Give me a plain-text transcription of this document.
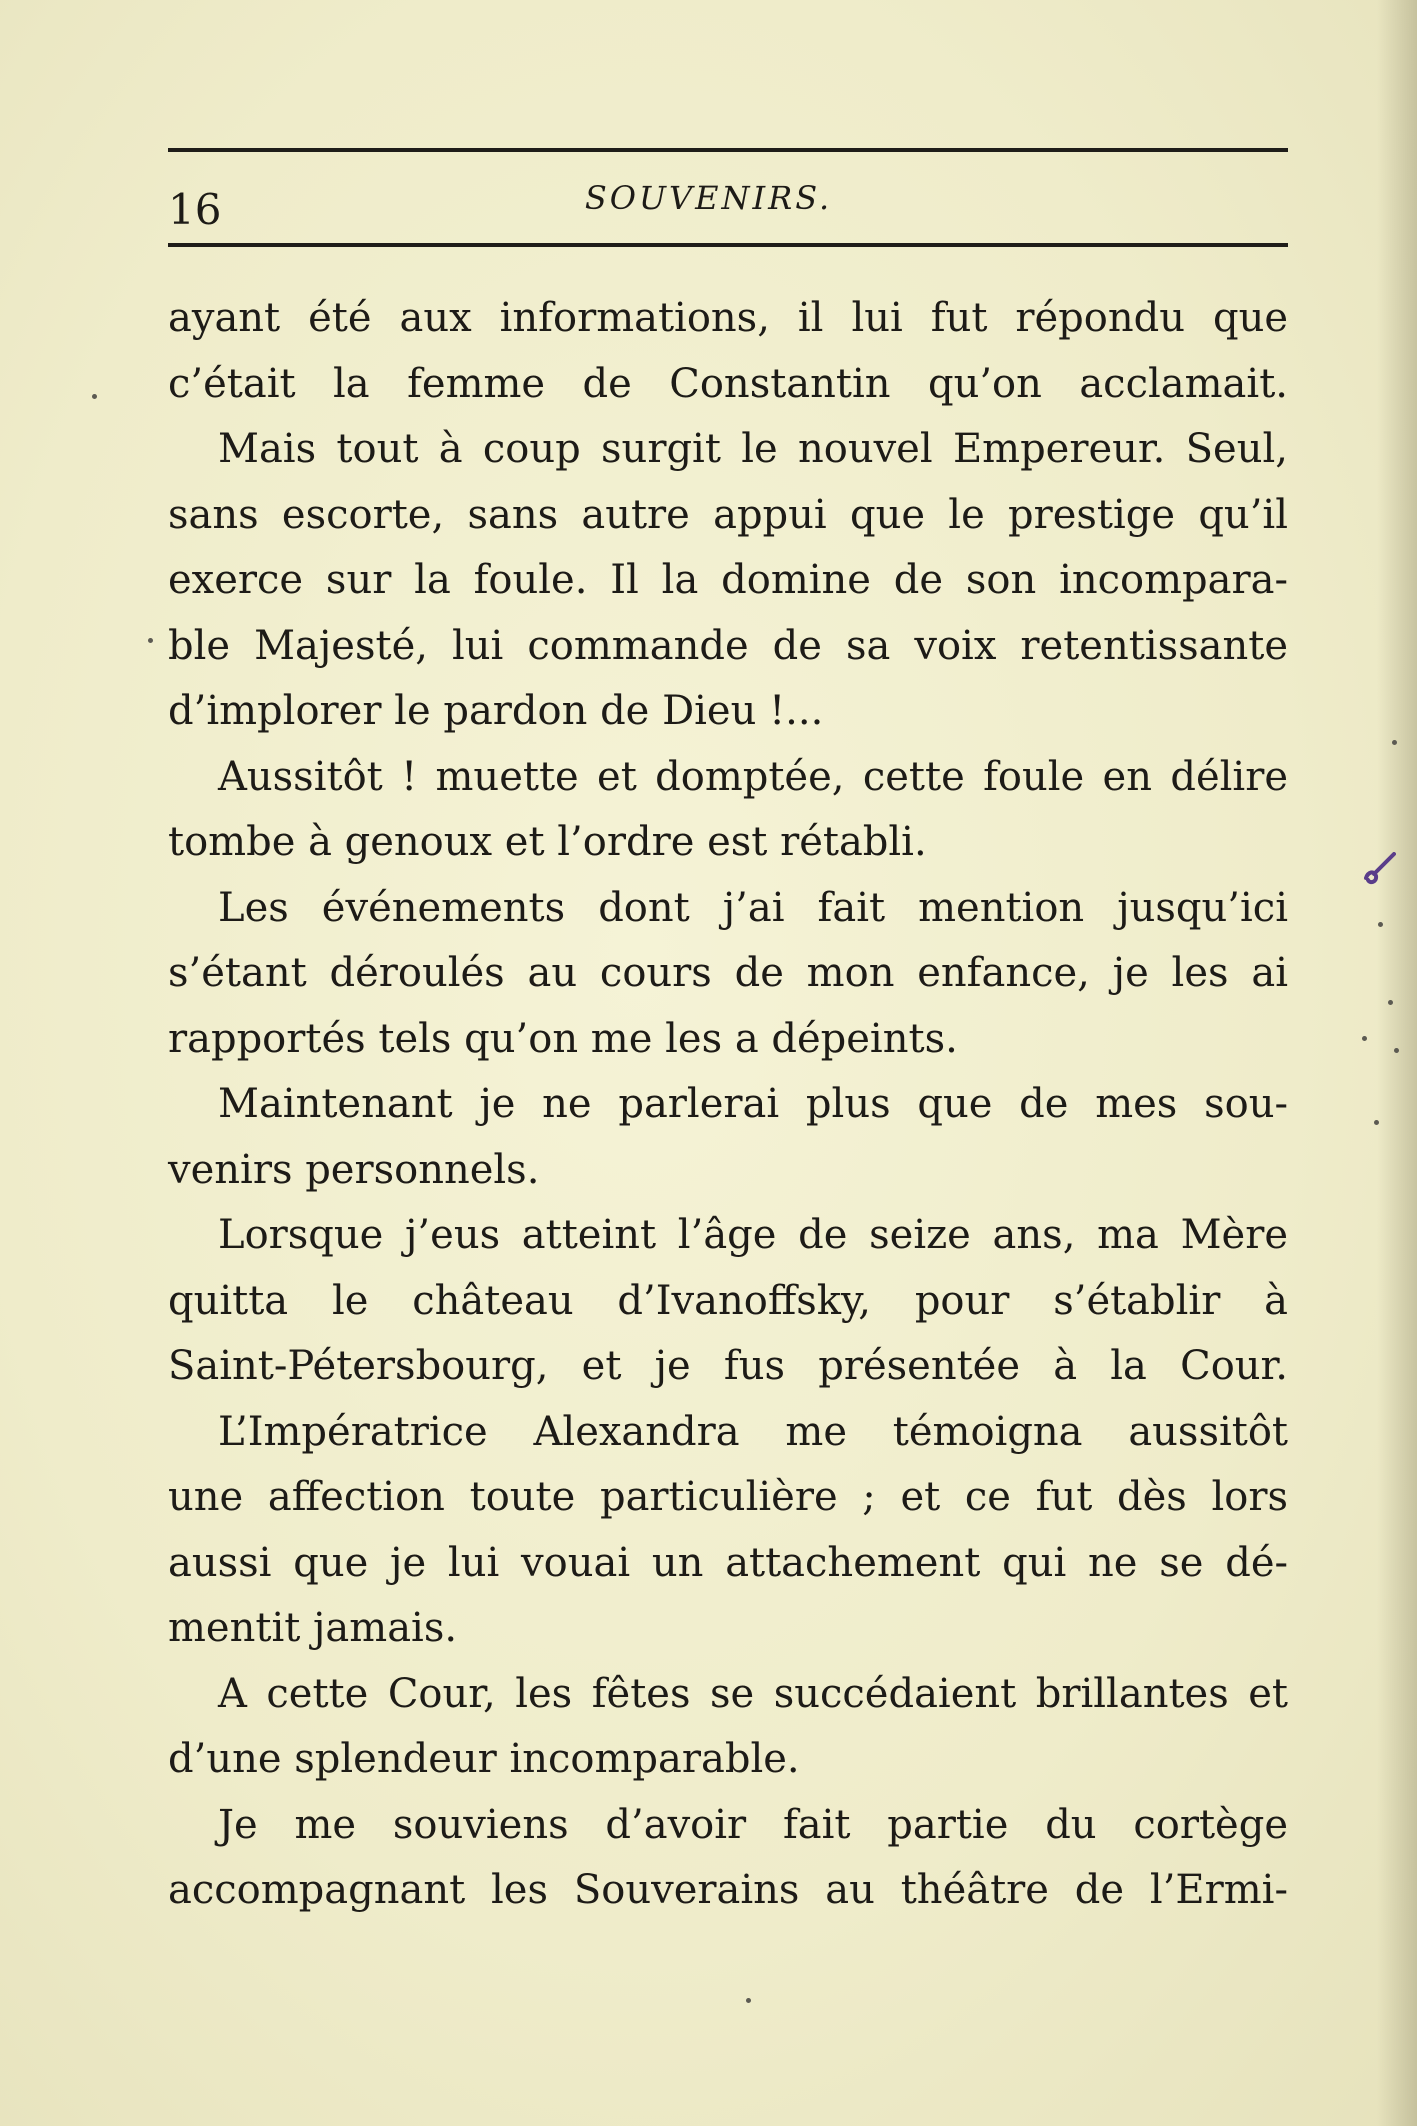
16	SOUVENIRS.
ayant été aux informations, il lui fut répondu que
c’était la femme de Constantin qu’on acclamait.
Mais tout à coup surgit le nouvel Empereur. Seul,
sans escorte, sans autre appui que le prestige qu’il
exerce sur la foule. Il la domine de son incompara-
ble Majesté, lui commande de sa voix retentissante
d’implorer le pardon de Dieu !...
Aussitôt ! muette et domptée, cette foule en délire
tombe à genoux et l’ordre est rétabli.
Les événements dont j’ai fait mention jusqu’ici
s’étant déroulés au cours de mon enfance, je les ai
rapportés tels qu’on me les a dépeints.
Maintenant je ne parlerai plus que de mes sou-
venirs personnels.
Lorsque j’eus atteint l’âge de seize ans, ma Mère
quitta le château d’Ivanoffsky, pour s’établir à
Saint-Pétersbourg, et je fus présentée à la Cour.
L’Impératrice Alexandra me témoigna aussitôt
une affection toute particulière ; et ce fut dès lors
aussi que je lui vouai un attachement qui ne se dé-
mentit jamais.
A cette Cour, les fêtes se succédaient brillantes et
d’une splendeur incomparable.
Je me souviens d’avoir fait partie du cortège
accompagnant les Souverains au théâtre de l’Ermi-
